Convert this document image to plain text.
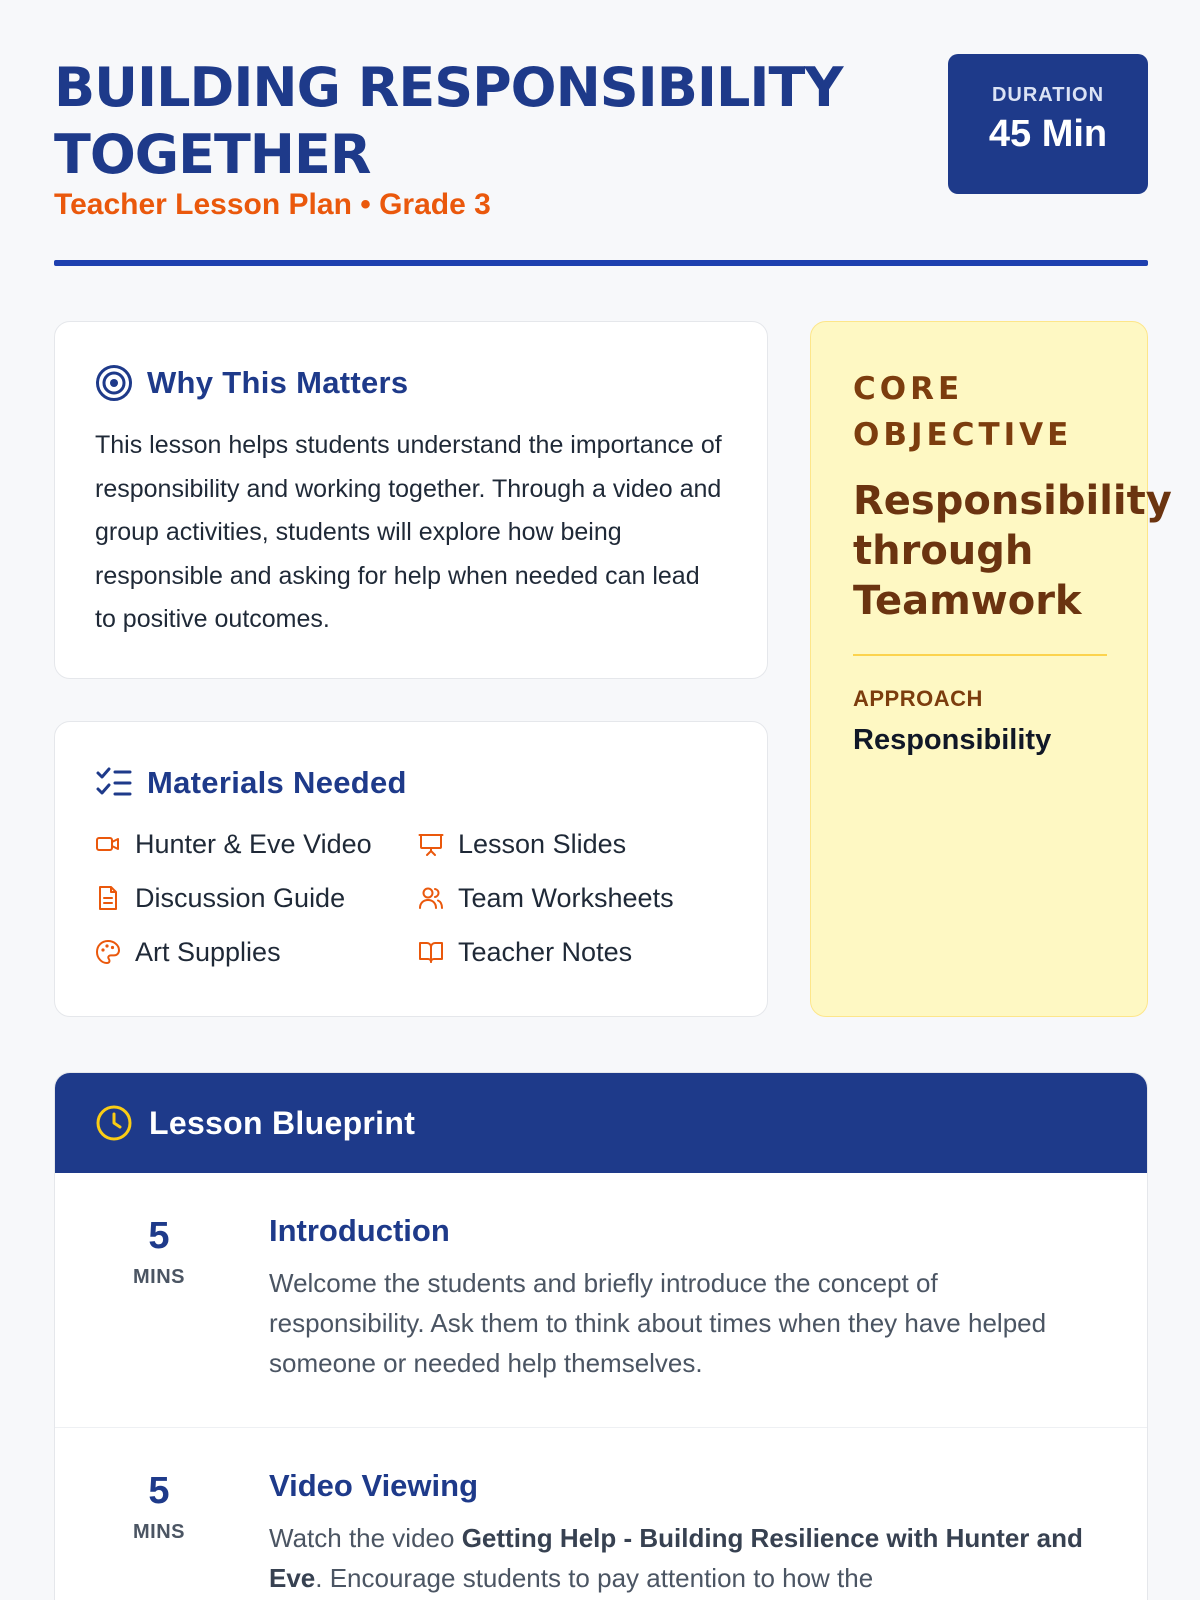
BUILDING RESPONSIBILITY TOGETHER
Teacher Lesson Plan • Grade 3
DURATION
45 Min
Why This Matters

This lesson helps students understand the importance of responsibility and working together. Through a video and group activities, students will explore how being responsible and asking for help when needed can lead to positive outcomes.

Materials Needed
Hunter & Eve Video	Lesson Slides
Discussion Guide	Team Worksheets
Art Supplies	Teacher Notes
CORE OBJECTIVE
Responsibility through Teamwork
APPROACH
Responsibility
Lesson Blueprint
5
MINS
Introduction

Welcome the students and briefly introduce the concept of responsibility. Ask them to think about times when they have helped someone or needed help themselves.

5
MINS
Video Viewing

Watch the video Getting Help - Building Resilience with Hunter and Eve. Encourage students to pay attention to how the
